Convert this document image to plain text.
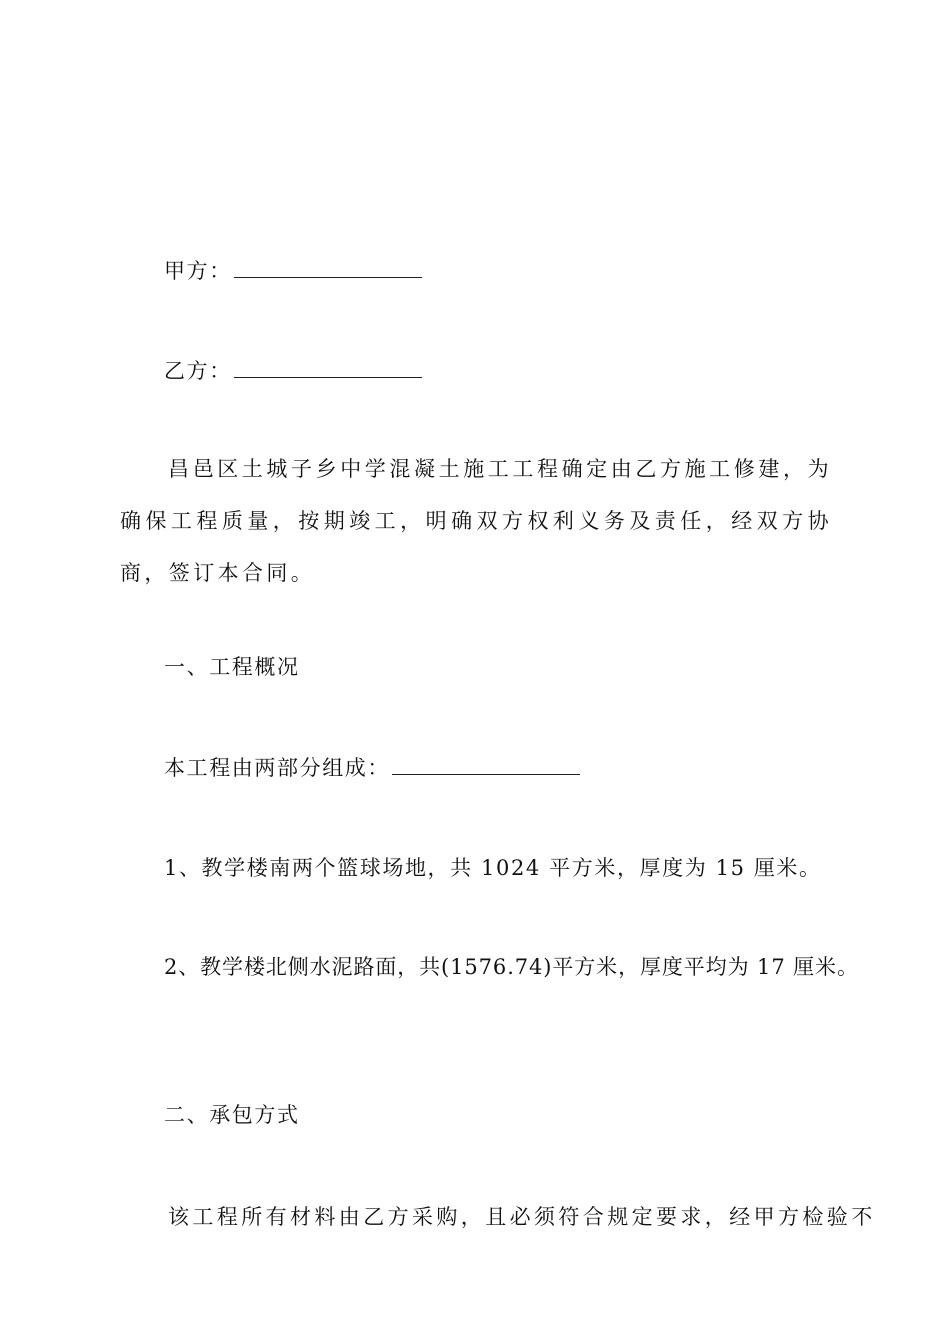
甲方：
乙方：
昌邑区土城子乡中学混凝土施工工程确定由乙方施工修建，为确保工程质量，按期竣工，明确双方权利义务及责任，经双方协商，签订本合同。
一、工程概况
本工程由两部分组成：
1、教学楼南两个篮球场地，共 1024 平方米，厚度为 15 厘米。
2、教学楼北侧水泥路面，共(1576.74)平方米，厚度平均为 17 厘米。
二、承包方式
该工程所有材料由乙方采购，且必须符合规定要求，经甲方检验不
